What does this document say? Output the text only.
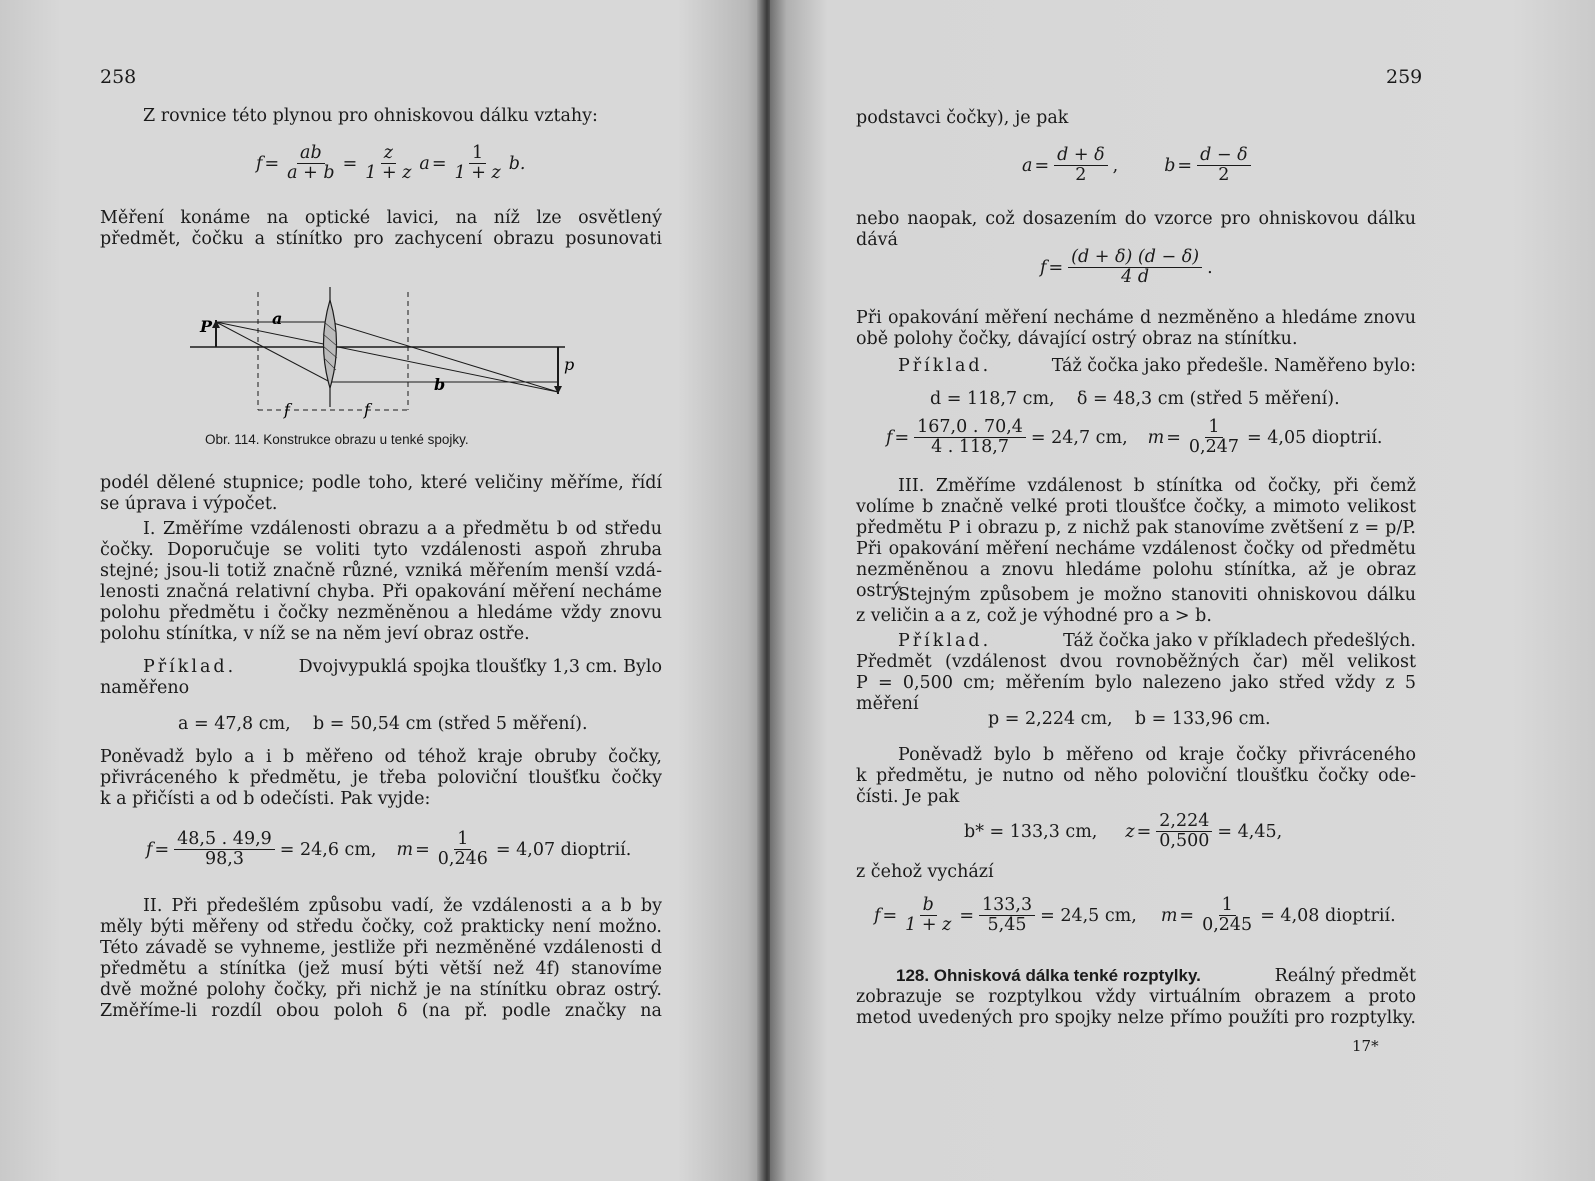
258
Z rovnice této plynou pro ohniskovou dálku vztahy:
$f = \frac{ab}{a + b} = \frac{z}{1 + z}$ $a = \frac{1}{1 + z} b$.
Měření konáme na optické lavici, na níž lze osvětlený
předmět, čočku a stínítko pro zachycení obrazu posunovati
P	a
p
b
f	f
Obr. 114. Konstrukce obrazu u tenké spojky.
podél dělené stupnice; podle toho, které veličiny měříme, řídí
se úprava i výpočet.
I. Změříme vzdálenosti obrazu a a předmětu b od středu
čočky. Doporučuje se voliti tyto vzdálenosti aspoň zhruba
stejné; jsou-li totiž značně různé, vzniká měřením menší vzdá-
lenosti značná relativní chyba. Při opakování měření necháme
polohu předmětu i čočky nezměněnou a hledáme vždy znovu
polohu stínítka, v níž se na něm jeví obraz ostře.
Příklad.	Dvojvypuklá spojka tloušťky 1,3 cm. Bylo
naměřeno
a = 47,8 cm,    b = 50,54 cm (střed 5 měření).
Poněvadž bylo a i b měřeno od téhož kraje obruby čočky,
přivráceného k předmětu, je třeba poloviční tloušťku čočky
k a přičísti a od b odečísti. Pak vyjde:
$f = \frac{48,5 . 49,9}{98,3} = 24,6$ cm, $m = \frac{1}{0,246} = 4,07$ dioptrií.
II. Při předešlém způsobu vadí, že vzdálenosti a a b by
měly býti měřeny od středu čočky, což prakticky není možno.
Této závadě se vyhneme, jestliže při nezměněné vzdálenosti d
předmětu a stínítka (jež musí býti větší než 4f) stanovíme
dvě možné polohy čočky, při nichž je na stínítku obraz ostrý.
Změříme-li rozdíl obou poloh δ (na př. podle značky na
259
podstavci čočky), je pak
$a = \frac{d + \delta}{2}$ ,	$b = \frac{d - \delta}{2}$
nebo naopak, což dosazením do vzorce pro ohniskovou dálku
dává
$f = \frac{(d + \delta) (d - \delta)}{4 d}$ .
Při opakování měření necháme d nezměněno a hledáme znovu
obě polohy čočky, dávající ostrý obraz na stínítku.
Příklad.	Táž čočka jako předešle. Naměřeno bylo:
d = 118,7 cm,    δ = 48,3 cm (střed 5 měření).
$f = \frac{167,0 . 70,4}{4 . 118,7} = 24,7$ cm, $m = \frac{1}{0,247} = 4,05$ dioptrií.
III. Změříme vzdálenost b stínítka od čočky, při čemž
volíme b značně velké proti tloušťce čočky, a mimoto velikost
předmětu P i obrazu p, z nichž pak stanovíme zvětšení z = p/P.
Při opakování měření necháme vzdálenost čočky od předmětu
nezměněnou a znovu hledáme polohu stínítka, až je obraz ostrý.
Stejným způsobem je možno stanoviti ohniskovou dálku
z veličin a a z, což je výhodné pro a > b.
Příklad.	Táž čočka jako v příkladech předešlých.
Předmět (vzdálenost dvou rovnoběžných čar) měl velikost
P = 0,500 cm; měřením bylo nalezeno jako střed vždy z 5 měření
p = 2,224 cm,    b = 133,96 cm.
Poněvadž bylo b měřeno od kraje čočky přivráceného
k předmětu, je nutno od něho poloviční tloušťku čočky ode-
čísti. Je pak
b* = 133,3 cm, $z = \frac{2,224}{0,500} = 4,45$,
z čehož vychází
$f = \frac{b}{1 + z} = \frac{133,3}{5,45} = 24,5$ cm, $m = \frac{1}{0,245} = 4,08$ dioptrií.
128. Ohnisková dálka tenké rozptylky.	Reálný předmět
zobrazuje se rozptylkou vždy virtuálním obrazem a proto
metod uvedených pro spojky nelze přímo použíti pro rozptylky.
17*
